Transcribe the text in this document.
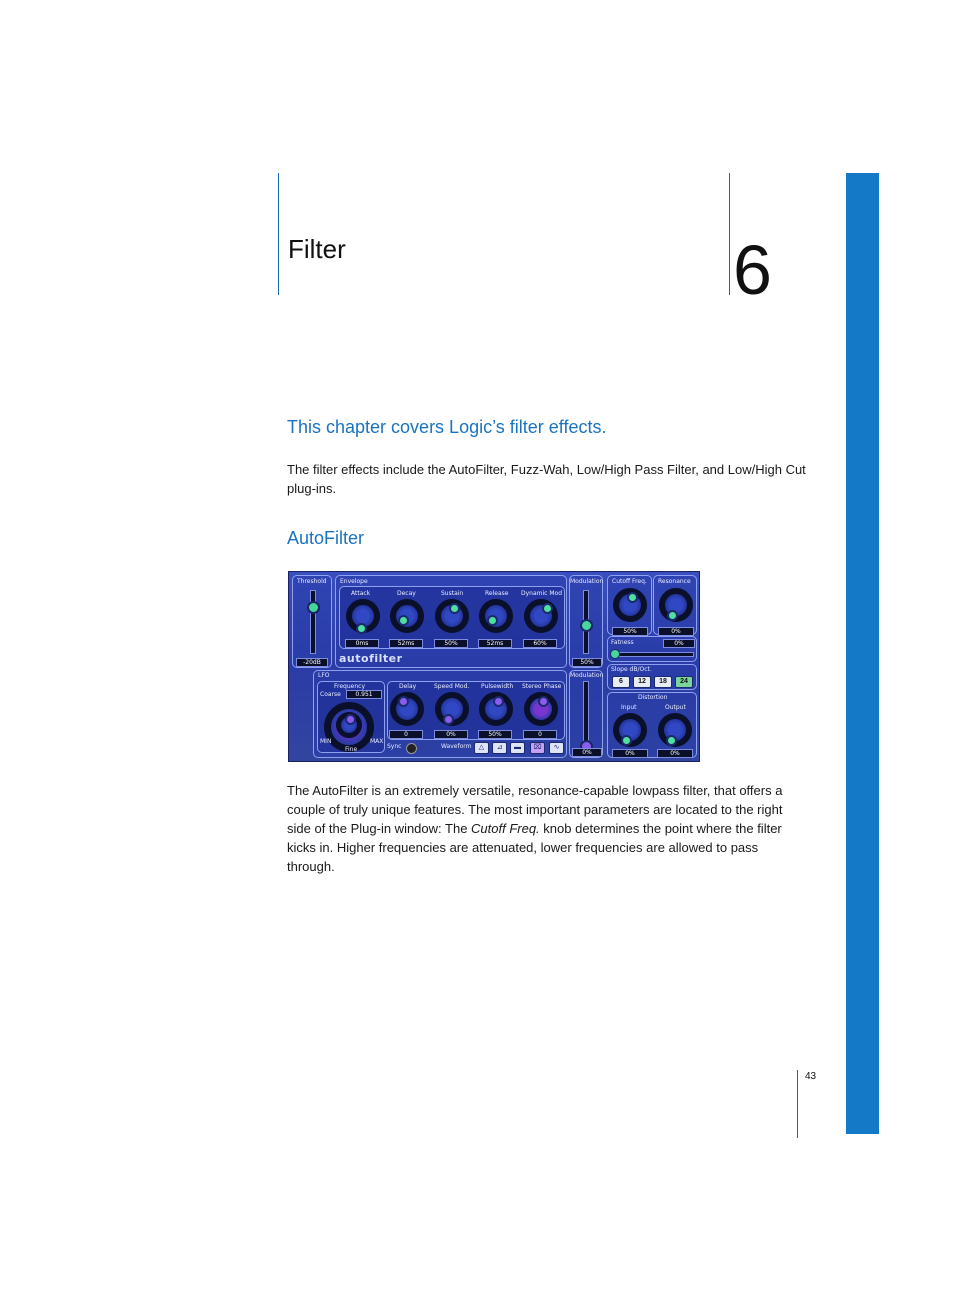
Filter	6
This chapter covers Logic’s filter effects.
The filter effects include the AutoFilter, Fuzz-Wah, Low/High Pass Filter, and Low/High Cut plug-ins.
AutoFilter
Threshold
-20dB
Envelope
Attack
0ms
Decay
52ms
Sustain
50%
Release
52ms
Dynamic Mod
60%
autofilter
Modulation
50%
LFO
Frequency
Coarse	0.951
MIN	MAX
Fine
Delay
0
Speed Mod.
0%
Pulsewidth
50%
Stereo Phase
0
Sync	Waveform	△	⊿	▬	⌧	∿
Modulation
0%
Cutoff Freq.
50%
Resonance
0%
Fatness	0%
Slope dB/Oct.
6	12	18	24
Distortion
Input	Output
0%	0%
The AutoFilter is an extremely versatile, resonance-capable lowpass filter, that offers a couple of truly unique features. The most important parameters are located to the right side of the Plug-in window: The Cutoff Freq. knob determines the point where the filter kicks in. Higher frequencies are attenuated, lower frequencies are allowed to pass through.
43
